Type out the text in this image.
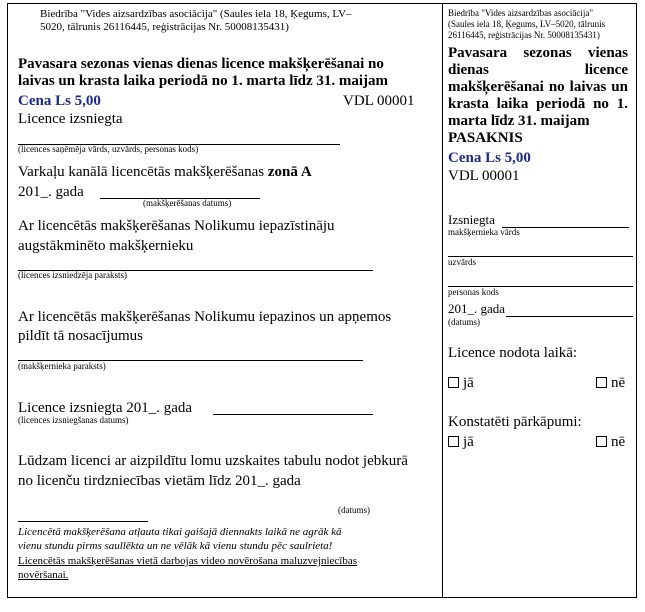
Biedrība "Vides aizsardzības asociācija" (Saules iela 18, Ķegums, LV–
5020, tālrunis 26116445, reģistrācijas Nr. 50008135431)
Pavasara sezonas vienas dienas licence makšķerēšanai no
laivas un krasta laika periodā no 1. marta līdz 31. maijam
Cena Ls 5,00	VDL 00001
Licence izsniegta
(licences saņēmēja vārds, uzvārds, personas kods)
Varkaļu kanālā licencētās makšķerēšanas zonā A
201_. gada
(makšķerēšanas datums)
Ar licencētās makšķerēšanas Nolikumu iepazīstināju
augstākminēto makšķernieku
(licences izsniedzēja paraksts)
Ar licencētās makšķerēšanas Nolikumu iepazinos un apņemos
pildīt tā nosacījumus
(makšķernieka paraksts)
Licence izsniegta 201_. gada
(licences izsniegšanas datums)
Lūdzam licenci ar aizpildītu lomu uzskaites tabulu nodot jebkurā
no licenču tirdzniecības vietām līdz 201_. gada
(datums)
Licencētā makšķerēšana atļauta tikai gaišajā diennakts laikā ne agrāk kā
vienu stundu pirms saullēkta un ne vēlāk kā vienu stundu pēc saulrieta!
Licencētās makšķerēšanas vietā darbojas video novērošana maluzvejniecības
novēršanai.
Biedrība "Vides aizsardzības asociācija"
(Saules iela 18, Ķegums, LV–5020, tālrunis
26116445, reģistrācijas Nr. 50008135431)
Pavasara sezonas vienas
dienas licence
makšķerēšanai no laivas un
krasta laika periodā no 1.
marta līdz 31. maijam
PASAKNIS
Cena Ls 5,00
VDL 00001
Izsniegta
makšķernieka vārds
uzvārds
personas kods
201_. gada
(datums)
Licence nodota laikā:
jā	nē
Konstatēti pārkāpumi:
jā	nē
